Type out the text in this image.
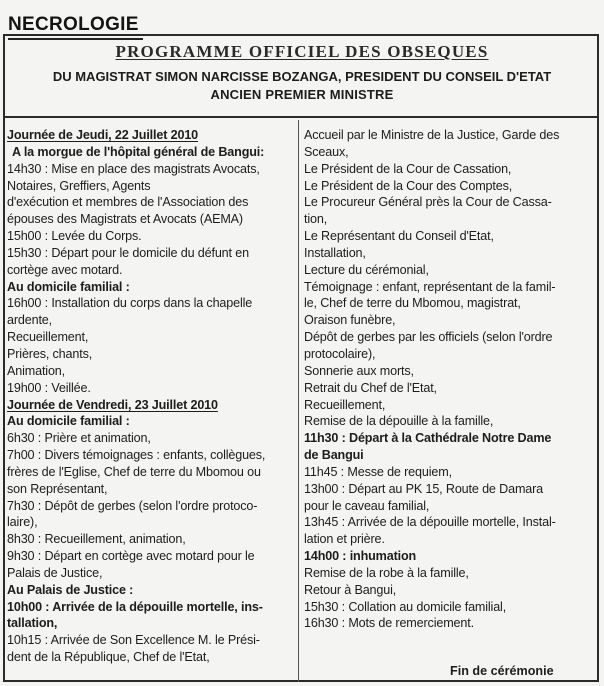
NECROLOGIE
PROGRAMME OFFICIEL DES OBSEQUES
DU MAGISTRAT SIMON NARCISSE BOZANGA, PRESIDENT DU CONSEIL D'ETAT
ANCIEN PREMIER MINISTRE
Journée de Jeudi, 22 Juillet 2010
A la morgue de l'hôpital général de Bangui:
14h30 : Mise en place des magistrats Avocats,
Notaires, Greffiers, Agents
d'exécution et membres de l'Association des
épouses des Magistrats et Avocats (AEMA)
15h00 : Levée du Corps.
15h30 : Départ pour le domicile du défunt en
cortège avec motard.
Au domicile familial :
16h00 : Installation du corps dans la chapelle
ardente,
Recueillement,
Prières, chants,
Animation,
19h00 : Veillée.
Journée de Vendredi, 23 Juillet 2010
Au domicile familial :
6h30 : Prière et animation,
7h00 : Divers témoignages : enfants, collègues,
frères de l'Eglise, Chef de terre du Mbomou ou
son Représentant,
7h30 : Dépôt de gerbes (selon l'ordre protoco-
laire),
8h30 : Recueillement, animation,
9h30 : Départ en cortège avec motard pour le
Palais de Justice,
Au Palais de Justice :
10h00 : Arrivée de la dépouille mortelle, ins-
tallation,
10h15 : Arrivée de Son Excellence M. le Prési-
dent de la République, Chef de l'Etat,
Accueil par le Ministre de la Justice, Garde des
Sceaux,
Le Président de la Cour de Cassation,
Le Président de la Cour des Comptes,
Le Procureur Général près la Cour de Cassa-
tion,
Le Représentant du Conseil d'Etat,
Installation,
Lecture du cérémonial,
Témoignage : enfant, représentant de la famil-
le, Chef de terre du Mbomou, magistrat,
Oraison funèbre,
Dépôt de gerbes par les officiels (selon l'ordre
protocolaire),
Sonnerie aux morts,
Retrait du Chef de l'Etat,
Recueillement,
Remise de la dépouille à la famille,
11h30 : Départ à la Cathédrale Notre Dame
de Bangui
11h45 : Messe de requiem,
13h00 : Départ au PK 15, Route de Damara
pour le caveau familial,
13h45 : Arrivée de la dépouille mortelle, Instal-
lation et prière.
14h00 : inhumation
Remise de la robe à la famille,
Retour à Bangui,
15h30 : Collation au domicile familial,
16h30 : Mots de remerciement.
Fin de cérémonie
